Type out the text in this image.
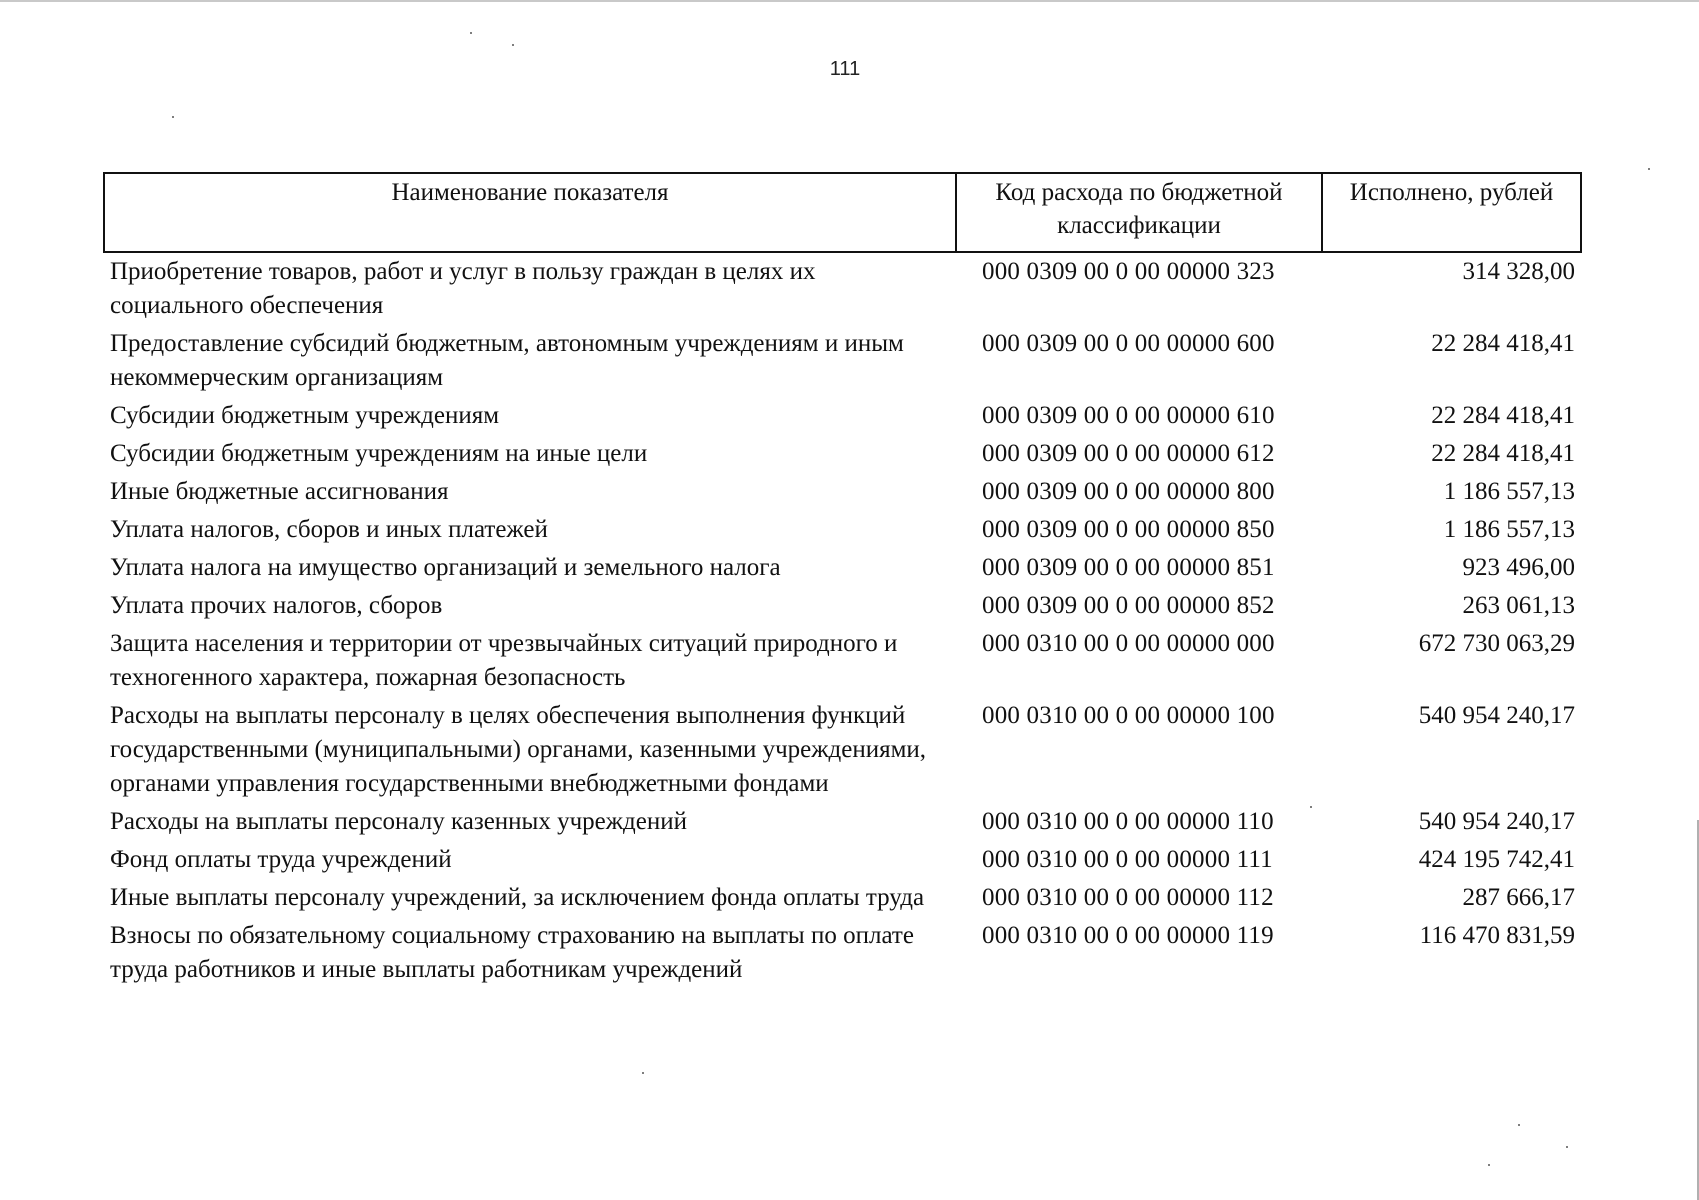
111
Наименование показателя	Код расхода по бюджетной классификации	Исполнено, рублей
Приобретение товаров, работ и услуг в пользу граждан в целях их социального обеспечения	000 0309 00 0 00 00000 323	314 328,00
Предоставление субсидий бюджетным, автономным учреждениям и иным некоммерческим организациям	000 0309 00 0 00 00000 600	22 284 418,41
Субсидии бюджетным учреждениям	000 0309 00 0 00 00000 610	22 284 418,41
Субсидии бюджетным учреждениям на иные цели	000 0309 00 0 00 00000 612	22 284 418,41
Иные бюджетные ассигнования	000 0309 00 0 00 00000 800	1 186 557,13
Уплата налогов, сборов и иных платежей	000 0309 00 0 00 00000 850	1 186 557,13
Уплата налога на имущество организаций и земельного налога	000 0309 00 0 00 00000 851	923 496,00
Уплата прочих налогов, сборов	000 0309 00 0 00 00000 852	263 061,13
Защита населения и территории от чрезвычайных ситуаций природного и техногенного характера, пожарная безопасность	000 0310 00 0 00 00000 000	672 730 063,29
Расходы на выплаты персоналу в целях обеспечения выполнения функций государственными (муниципальными) органами, казенными учреждениями, органами управления государственными внебюджетными фондами	000 0310 00 0 00 00000 100	540 954 240,17
Расходы на выплаты персоналу казенных учреждений	000 0310 00 0 00 00000 110	540 954 240,17
Фонд оплаты труда учреждений	000 0310 00 0 00 00000 111	424 195 742,41
Иные выплаты персоналу учреждений, за исключением фонда оплаты труда	000 0310 00 0 00 00000 112	287 666,17
Взносы по обязательному социальному страхованию на выплаты по оплате труда работников и иные выплаты работникам учреждений	000 0310 00 0 00 00000 119	116 470 831,59
